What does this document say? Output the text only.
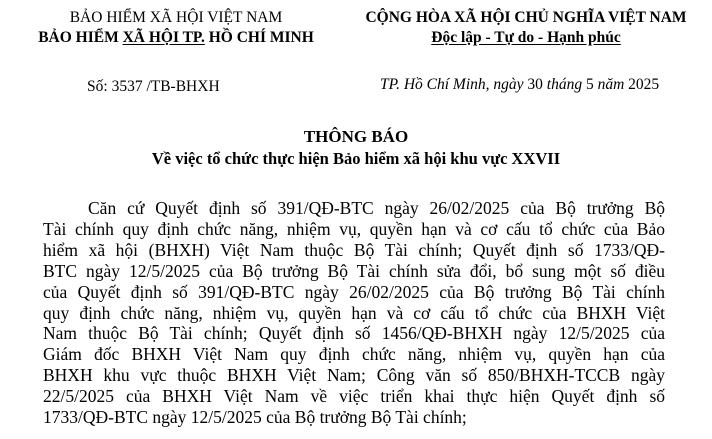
BẢO HIỂM XÃ HỘI VIỆT NAM
BẢO HIỂM XÃ HỘI TP. HỒ CHÍ MINH
CỘNG HÒA XÃ HỘI CHỦ NGHĨA VIỆT NAM
Độc lập - Tự do - Hạnh phúc
Số: 3537 /TB-BHXH	TP. Hồ Chí Minh, ngày 30 tháng 5 năm 2025
THÔNG BÁO
Về việc tổ chức thực hiện Bảo hiểm xã hội khu vực XXVII
Căn cứ Quyết định số 391/QĐ-BTC ngày 26/02/2025 của Bộ trưởng Bộ
Tài chính quy định chức năng, nhiệm vụ, quyền hạn và cơ cấu tổ chức của Bảo
hiểm xã hội (BHXH) Việt Nam thuộc Bộ Tài chính; Quyết định số 1733/QĐ-
BTC ngày 12/5/2025 của Bộ trưởng Bộ Tài chính sửa đổi, bổ sung một số điều
của Quyết định số 391/QĐ-BTC ngày 26/02/2025 của Bộ trưởng Bộ Tài chính
quy định chức năng, nhiệm vụ, quyền hạn và cơ cấu tổ chức của BHXH Việt
Nam thuộc Bộ Tài chính; Quyết định số 1456/QĐ-BHXH ngày 12/5/2025 của
Giám đốc BHXH Việt Nam quy định chức năng, nhiệm vụ, quyền hạn của
BHXH khu vực thuộc BHXH Việt Nam; Công văn số 850/BHXH-TCCB ngày
22/5/2025 của BHXH Việt Nam về việc triển khai thực hiện Quyết định số
1733/QĐ-BTC ngày 12/5/2025 của Bộ trưởng Bộ Tài chính;
